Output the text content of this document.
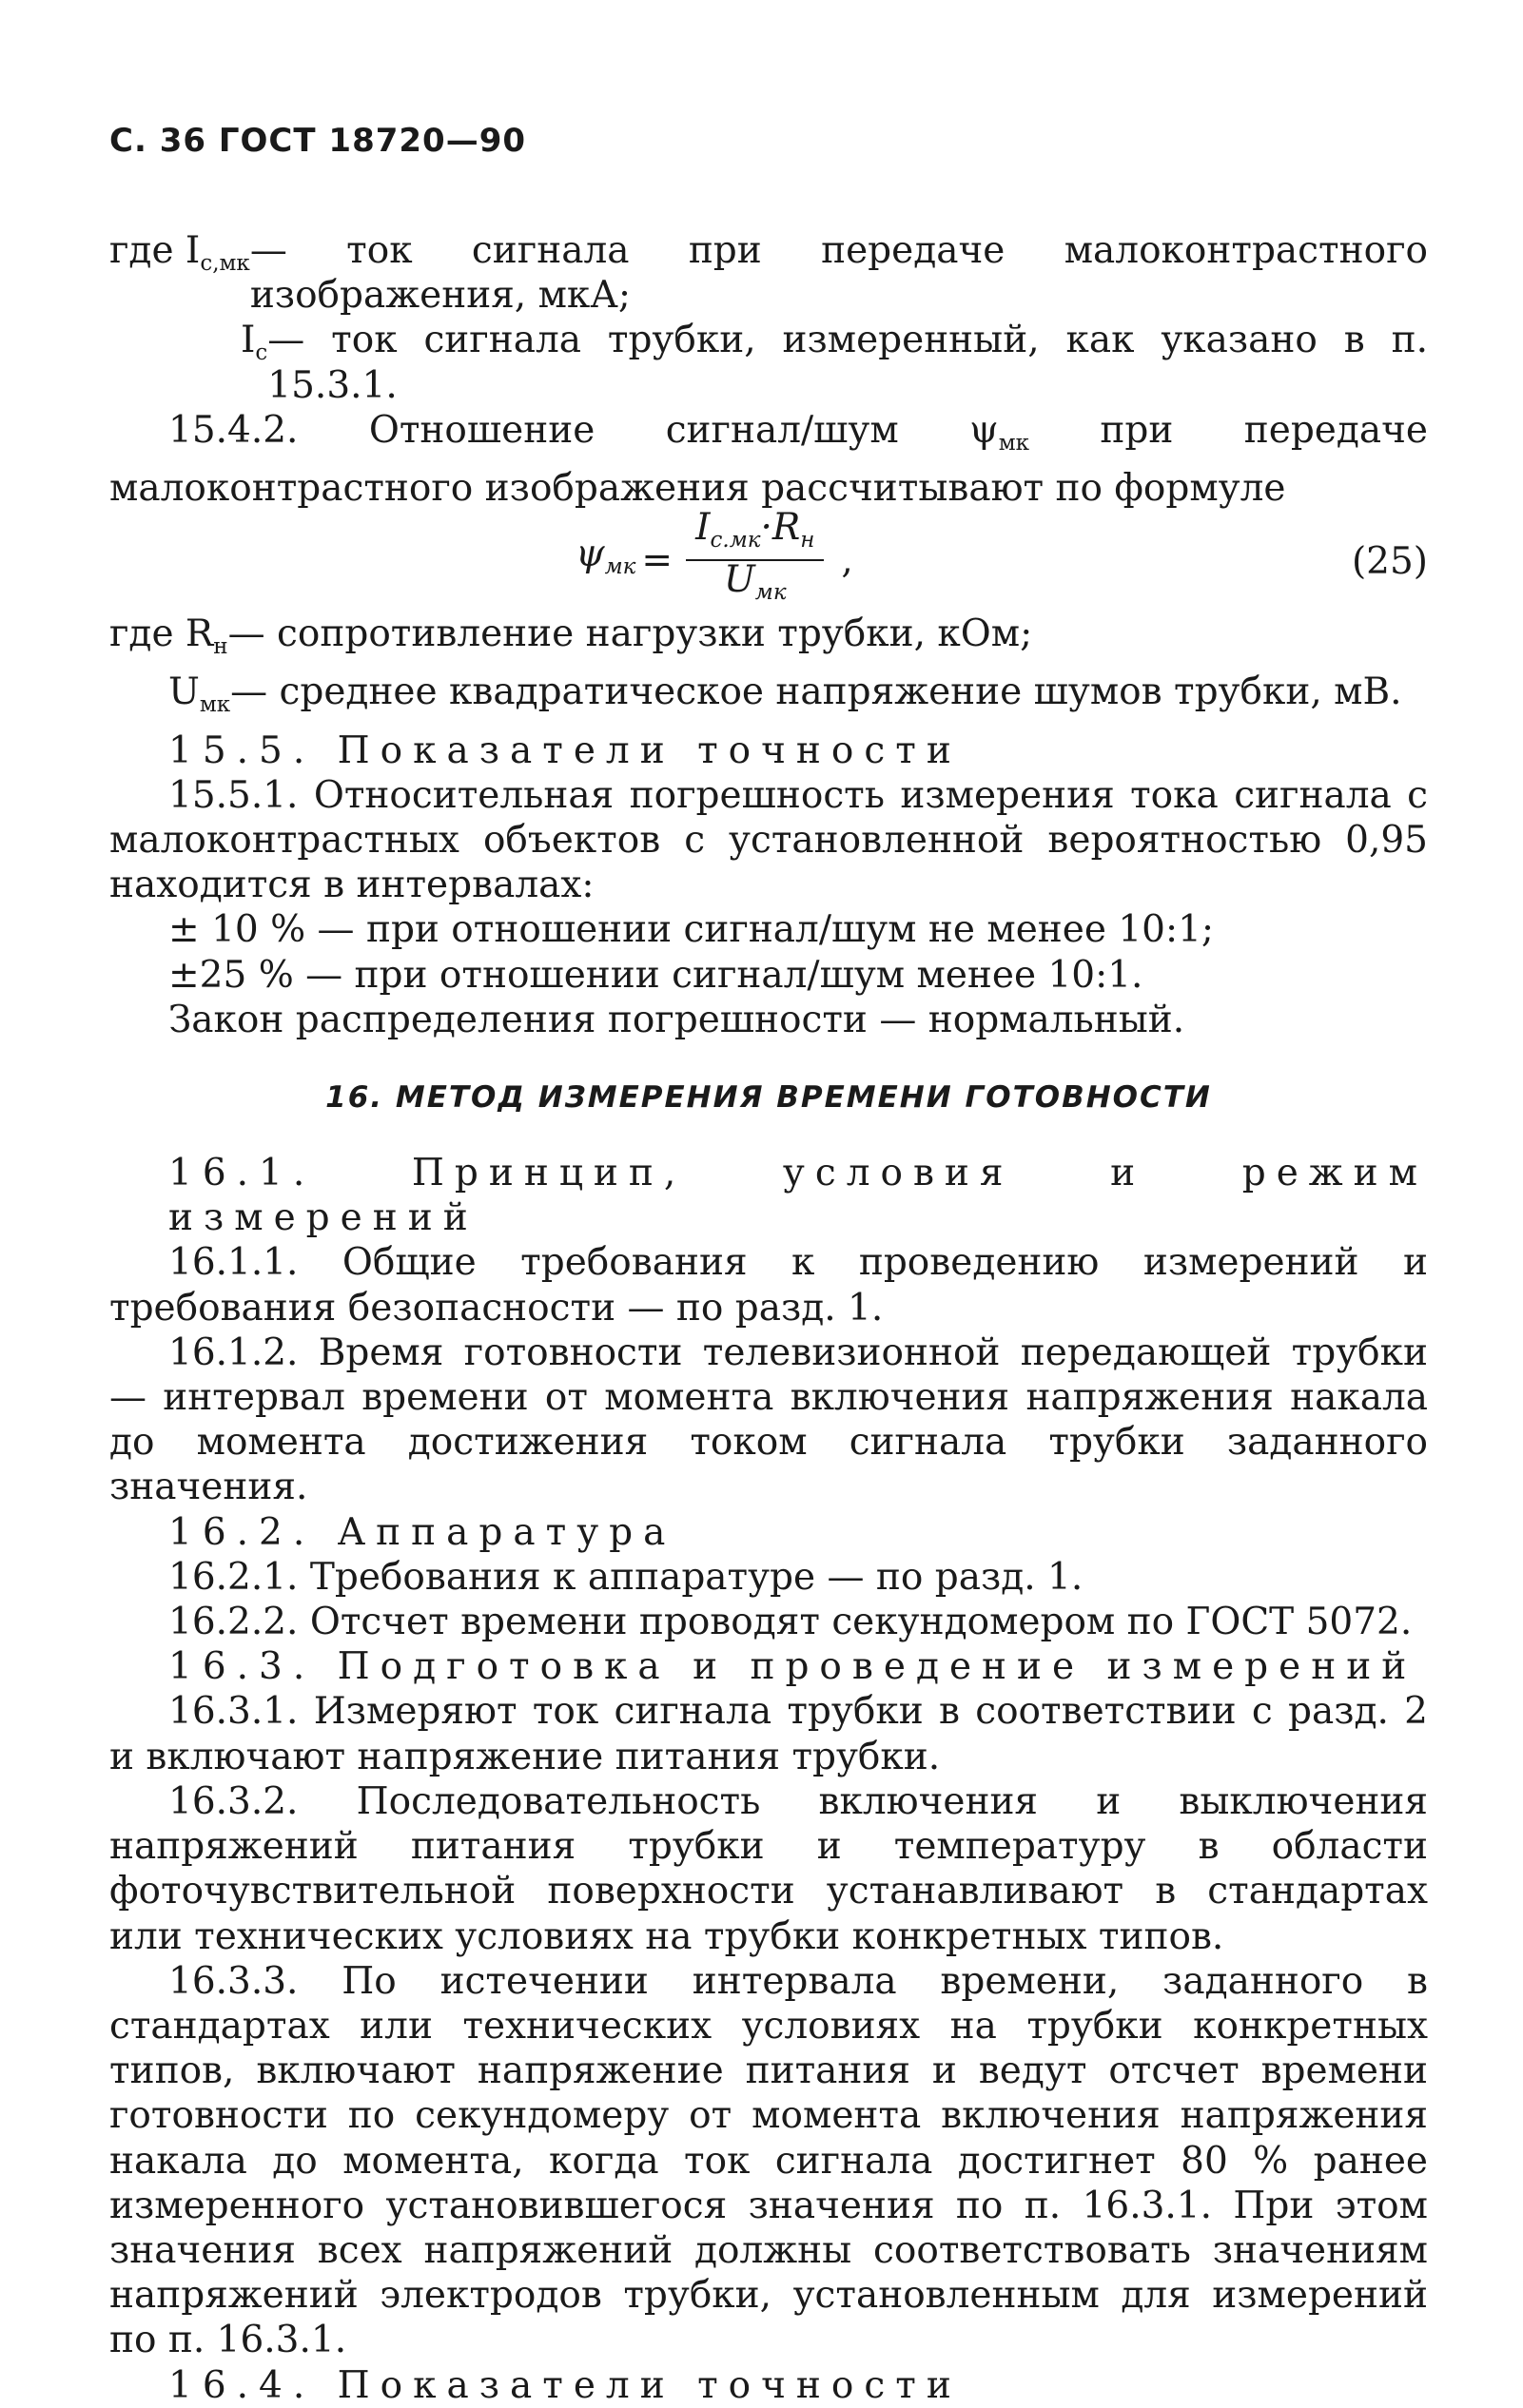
С. 36 ГОСТ 18720—90
где $I_{с,мк}$ — ток сигнала при передаче малоконтрастного изображения, мкА;
$I_с$ — ток сигнала трубки, измеренный, как указано в п. 15.3.1.

15.4.2. Отношение сигнал/шум $\psi_{мк}$ при передаче малоконтрастного изображения рассчитывают по формуле

$\psi_{мк} = \frac{I_{с.мк}\cdot R_н}{U_{мк}}$ ,	(25)
где $R_н$ — сопротивление нагрузки трубки, кОм;
$U_{мк}$ — среднее квадратическое напряжение шумов трубки, мВ.

15.5. Показатели точности

15.5.1. Относительная погрешность измерения тока сигнала с малоконтрастных объектов с установленной вероятностью 0,95 находится в интервалах:

± 10 % — при отношении сигнал/шум не менее 10:1;

±25 % — при отношении сигнал/шум менее 10:1.

Закон распределения погрешности — нормальный.

16. МЕТОД ИЗМЕРЕНИЯ ВРЕМЕНИ ГОТОВНОСТИ

16.1. Принцип, условия и режим измерений

16.1.1. Общие требования к проведению измерений и требования безопасности — по разд. 1.

16.1.2. Время готовности телевизионной передающей трубки — интервал времени от момента включения напряжения накала до момента достижения током сигнала трубки заданного значения.

16.2. Аппаратура

16.2.1. Требования к аппаратуре — по разд. 1.

16.2.2. Отсчет времени проводят секундомером по ГОСТ 5072.

16.3. Подготовка и проведение измерений

16.3.1. Измеряют ток сигнала трубки в соответствии с разд. 2 и включают напряжение питания трубки.

16.3.2. Последовательность включения и выключения напряжений питания трубки и температуру в области фоточувствительной поверхности устанавливают в стандартах или технических условиях на трубки конкретных типов.

16.3.3. По истечении интервала времени, заданного в стандартах или технических условиях на трубки конкретных типов, включают напряжение питания и ведут отсчет времени готовности по секундомеру от момента включения напряжения накала до момента, когда ток сигнала достигнет 80 % ранее измеренного установившегося значения по п. 16.3.1. При этом значения всех напряжений должны соответствовать значениям напряжений электродов трубки, установленным для измерений по п. 16.3.1.

16.4. Показатели точности
